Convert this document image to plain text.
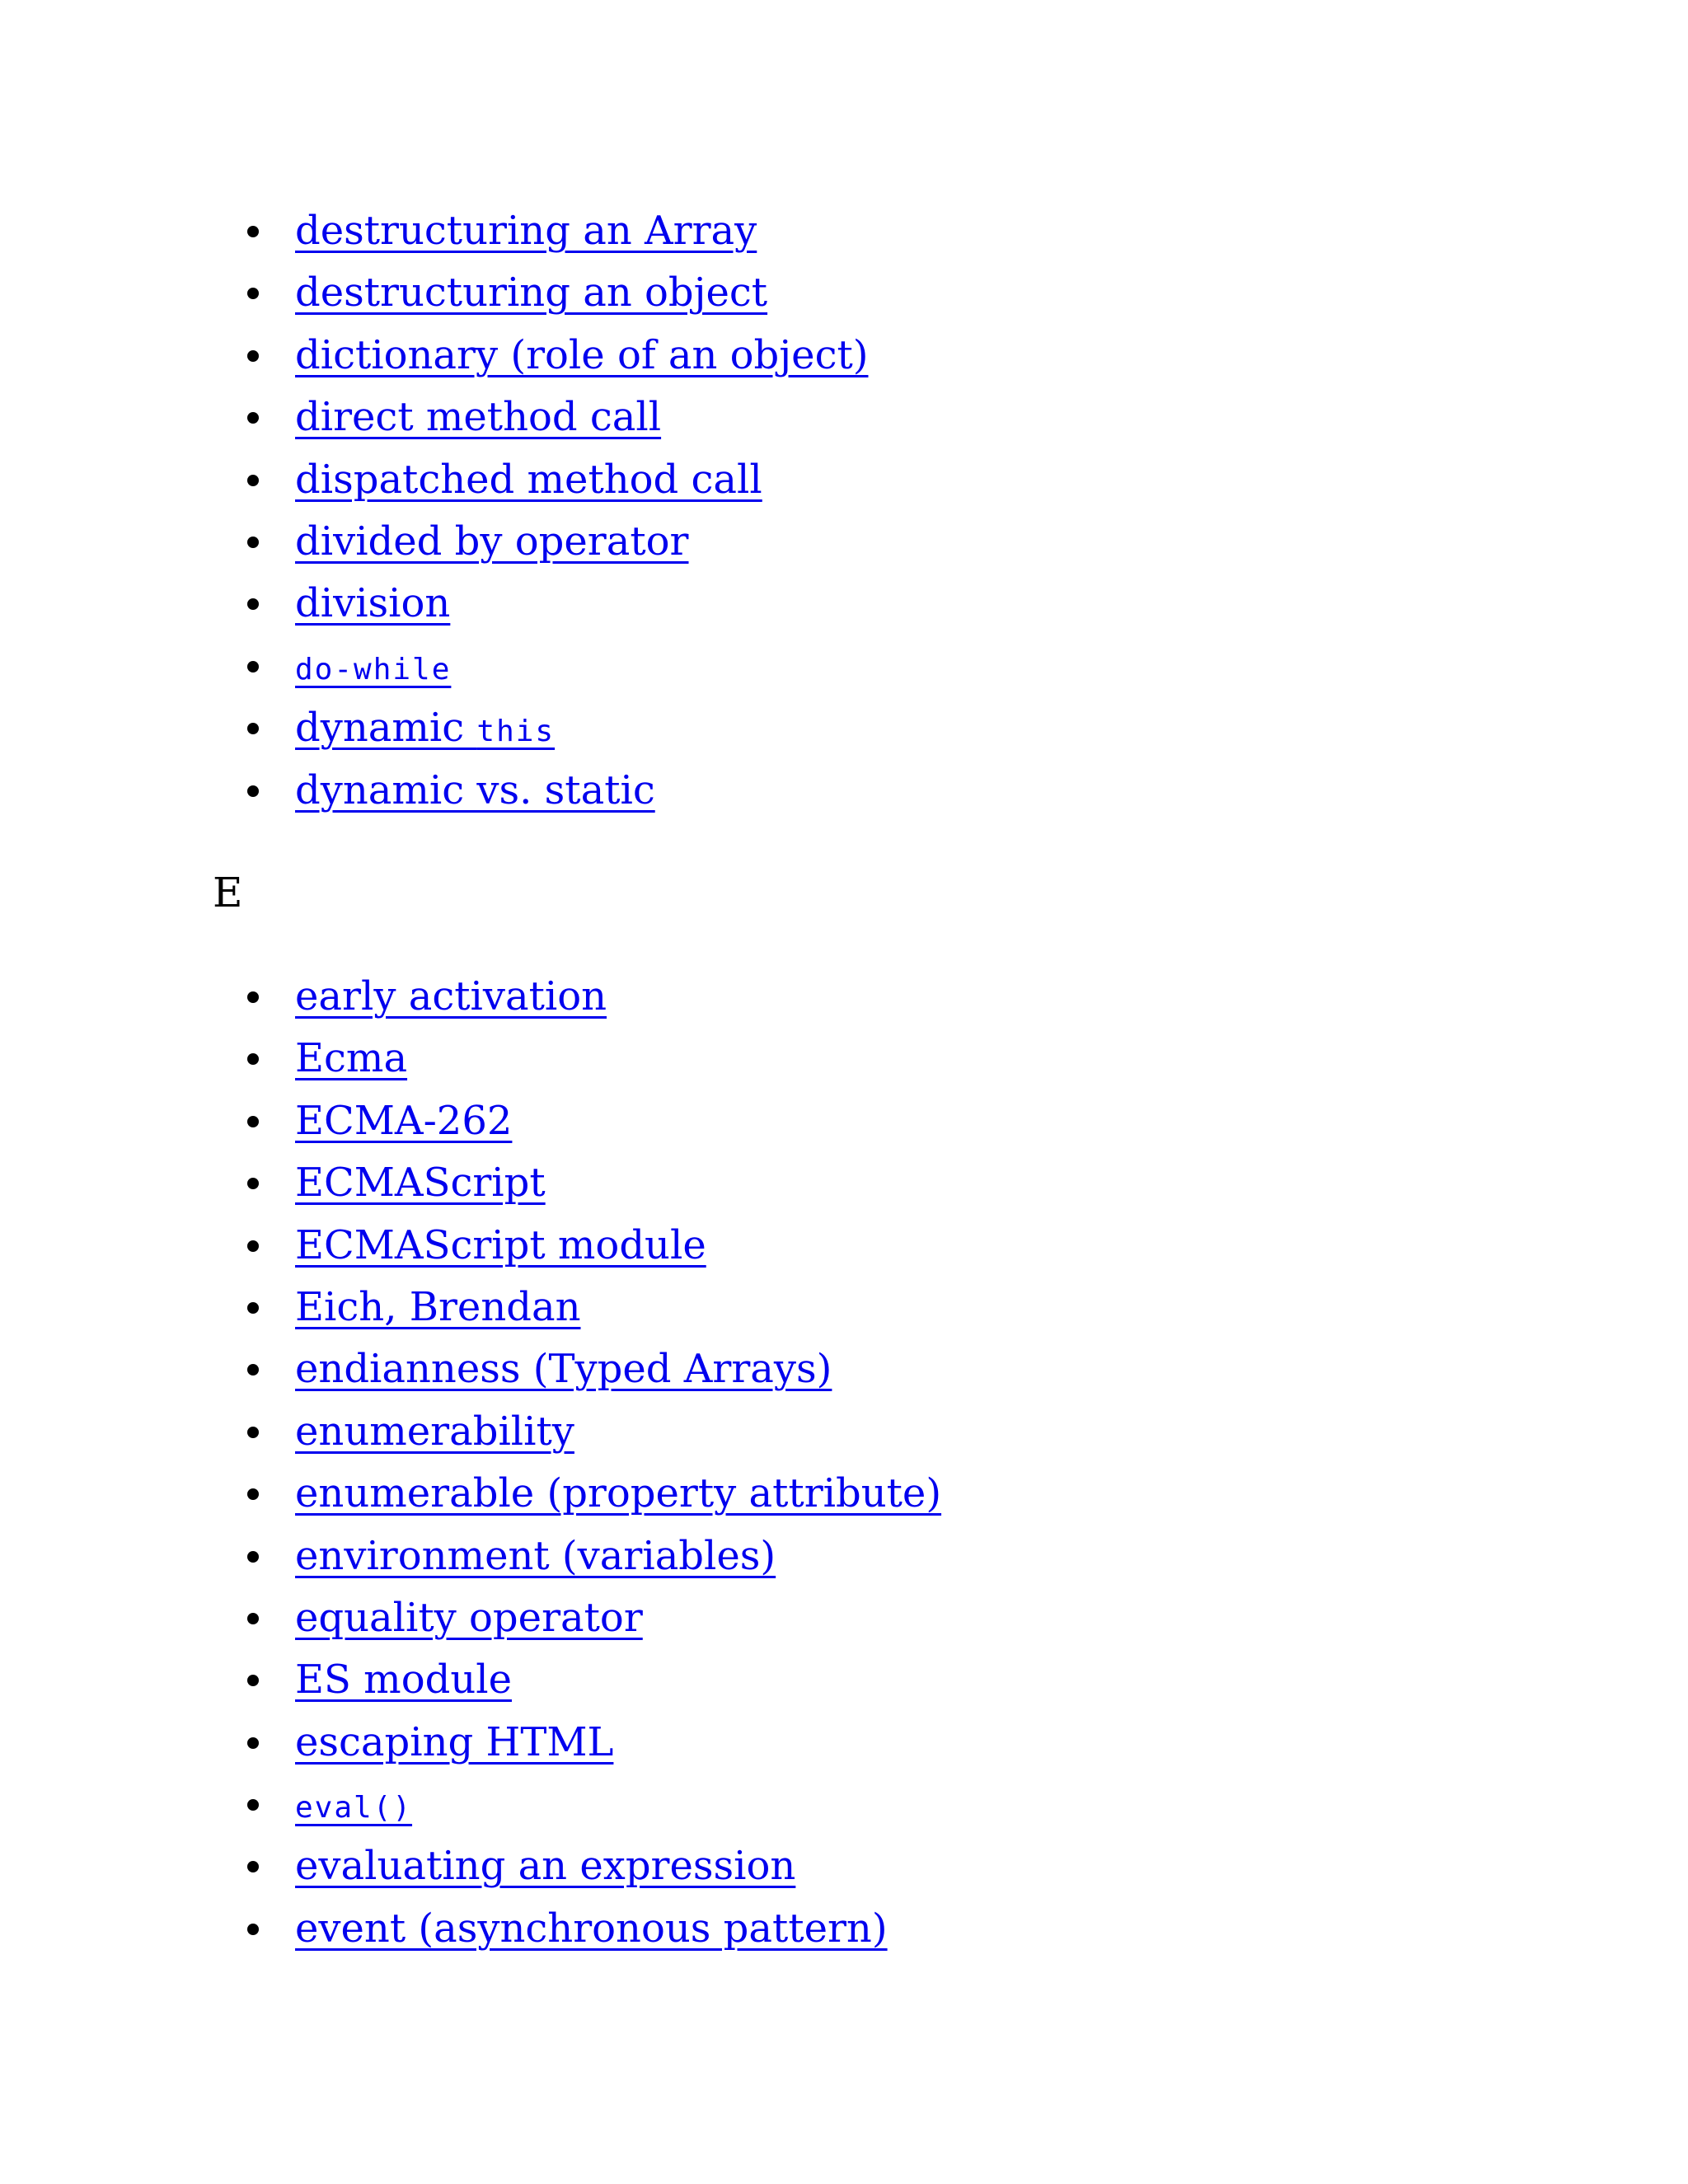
destructuring an Array
destructuring an object
dictionary (role of an object)
direct method call
dispatched method call
divided by operator
division
do-while
dynamic this
dynamic vs. static
E
early activation
Ecma
ECMA-262
ECMAScript
ECMAScript module
Eich, Brendan
endianness (Typed Arrays)
enumerability
enumerable (property attribute)
environment (variables)
equality operator
ES module
escaping HTML
eval()
evaluating an expression
event (asynchronous pattern)
